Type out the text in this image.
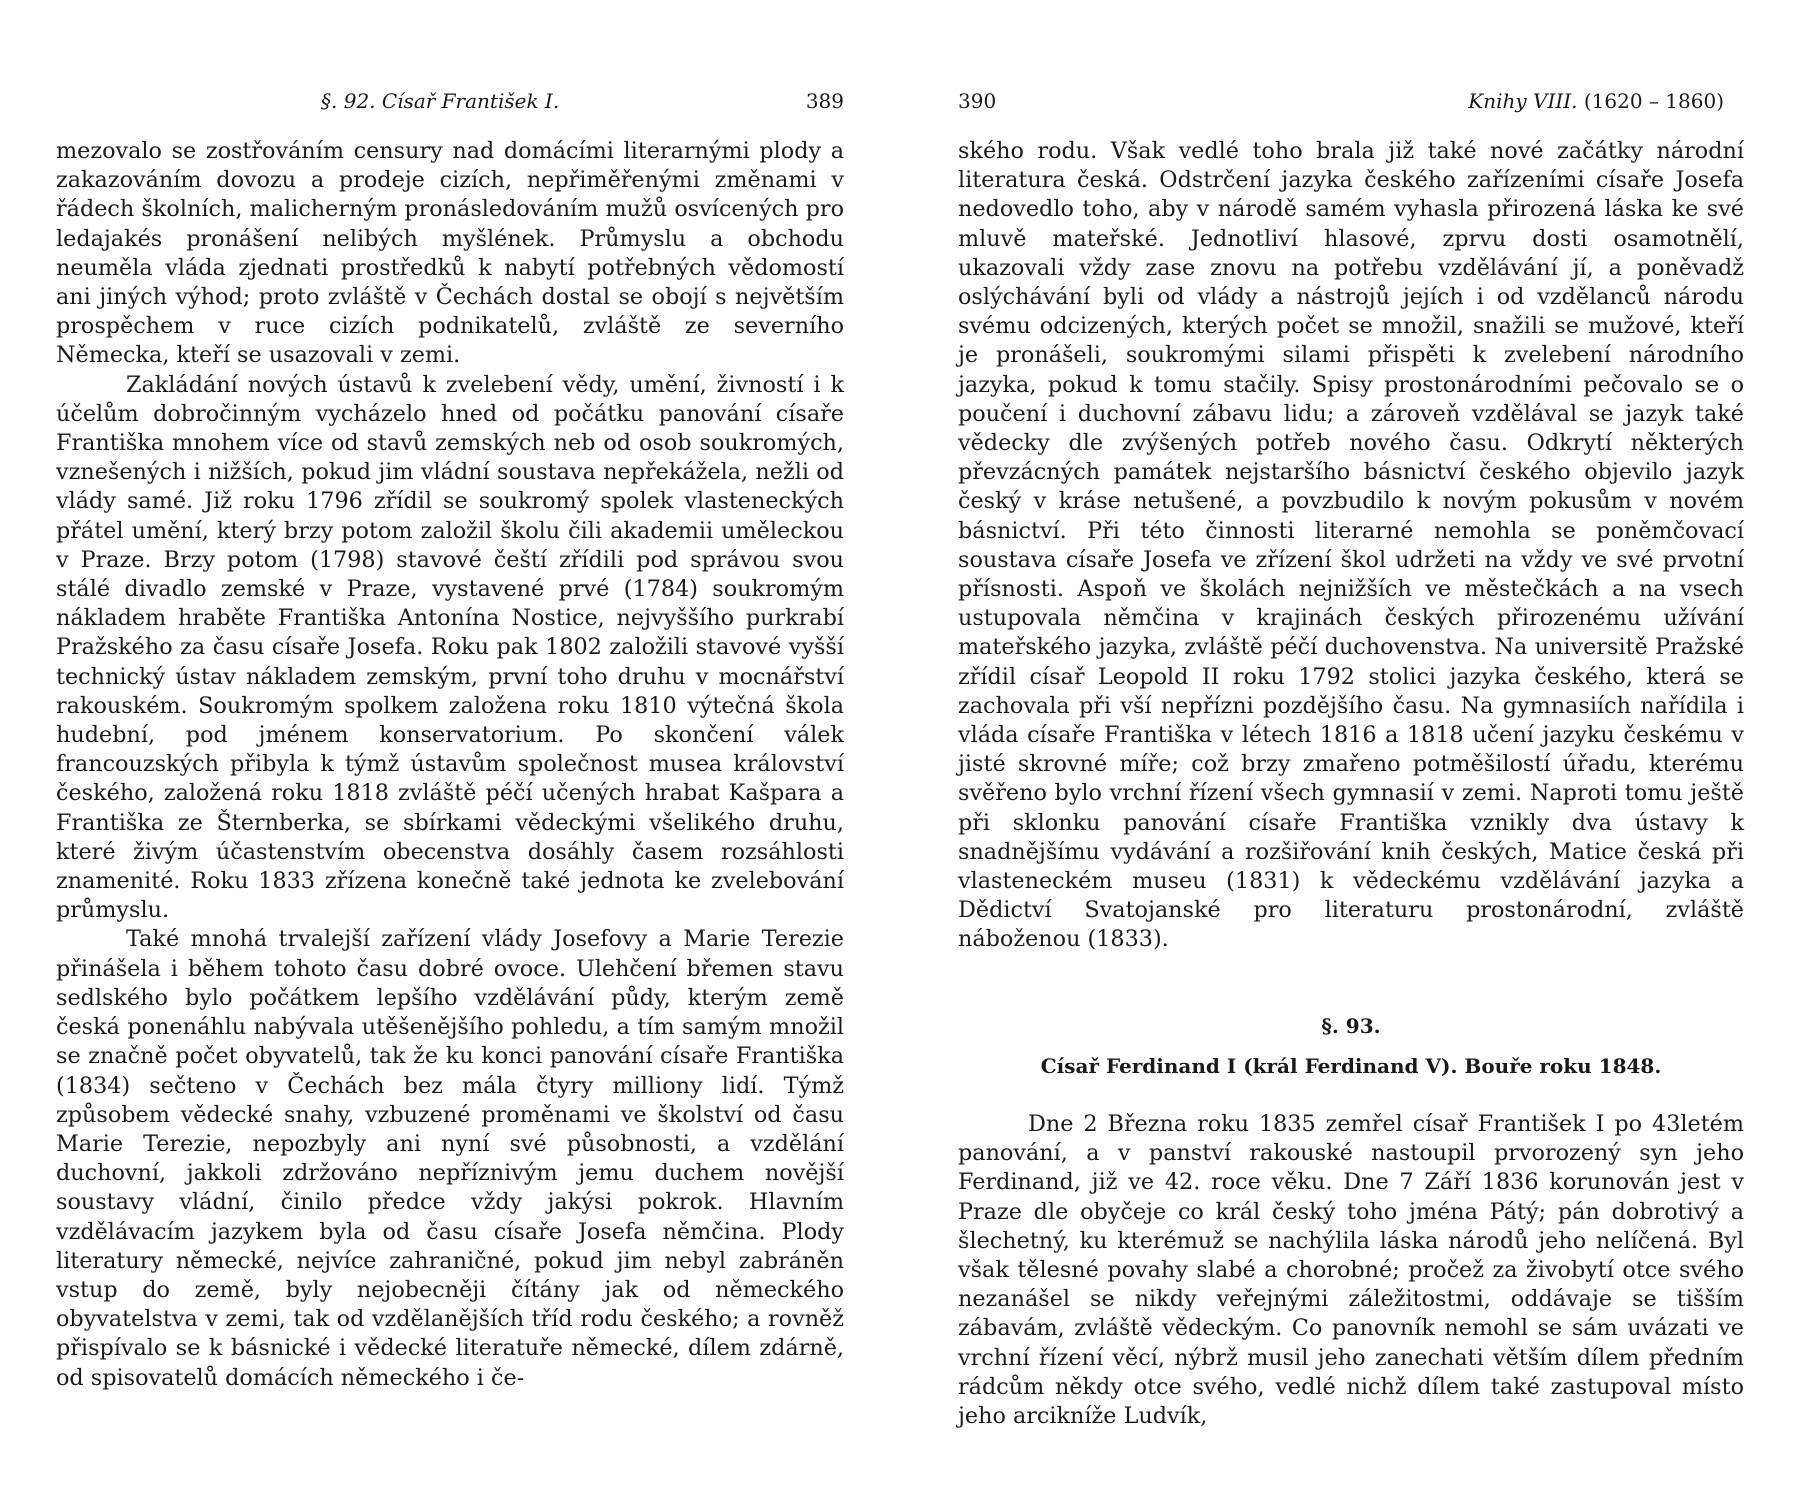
§. 92. Císař František I.	389

mezovalo se zostřováním censury nad domácími literarnými plody a zakazováním dovozu a prodeje cizích, nepřiměřenými změnami v řádech školních, malicherným pronásledováním mužů osvícených pro ledajakés pronášení nelibých myšlének. Průmyslu a obchodu neuměla vláda zjednati prostředků k nabytí potřebných vědomostí ani jiných výhod; proto zvláště v Čechách dostal se obojí s největším prospěchem v ruce cizích podnikatelů, zvláště ze severního Německa, kteří se usazovali v zemi.

Zakládání nových ústavů k zvelebení vědy, umění, živností i k účelům dobročinným vycházelo hned od počátku panování císaře Františka mnohem více od stavů zemských neb od osob soukromých, vznešených i nižších, pokud jim vládní soustava nepřekážela, nežli od vlády samé. Již roku 1796 zřídil se soukromý spolek vlasteneckých přátel umění, který brzy potom založil školu čili akademii uměleckou v Praze. Brzy potom (1798) stavové čeští zřídili pod správou svou stálé divadlo zemské v Praze, vystavené prvé (1784) soukromým nákladem hraběte Františka Antonína Nostice, nejvyššího purkrabí Pražského za času císaře Josefa. Roku pak 1802 založili stavové vyšší technický ústav nákladem zemským, první toho druhu v mocnářství rakouském. Soukromým spolkem založena roku 1810 výtečná škola hudební, pod jménem konservatorium. Po skončení válek francouzských přibyla k týmž ústavům společnost musea království českého, založená roku 1818 zvláště péčí učených hrabat Kašpara a Františka ze Šternberka, se sbírkami vědeckými všelikého druhu, které živým účastenstvím obecenstva dosáhly časem rozsáhlosti znamenité. Roku 1833 zřízena konečně také jednota ke zvelebování průmyslu.

Také mnohá trvalejší zařízení vlády Josefovy a Marie Terezie přinášela i během tohoto času dobré ovoce. Ulehčení břemen stavu sedlského bylo počátkem lepšího vzdělávání půdy, kterým země česká ponenáhlu nabývala utěšenějšího pohledu, a tím samým množil se značně počet obyvatelů, tak že ku konci panování císaře Františka (1834) sečteno v Čechách bez mála čtyry milliony lidí. Týmž způsobem vědecké snahy, vzbuzené proměnami ve školství od času Marie Terezie, nepozbyly ani nyní své působnosti, a vzdělání duchovní, jakkoli zdržováno nepříznivým jemu duchem novější soustavy vládní, činilo předce vždy jakýsi pokrok. Hlavním vzdělávacím jazykem byla od času císaře Josefa němčina. Plody literatury německé, nejvíce zahraničné, pokud jim nebyl zabráněn vstup do země, byly nejobecněji čítány jak od německého obyvatelstva v zemi, tak od vzdělanějších tříd rodu českého; a rovněž přispívalo se k básnické i vědecké literatuře německé, dílem zdárně, od spisovatelů domácích německého i če-

390	Knihy VIII. (1620 – 1860)

ského rodu. Však vedlé toho brala již také nové začátky národní literatura česká. Odstrčení jazyka českého zařízeními císaře Josefa nedovedlo toho, aby v národě samém vyhasla přirozená láska ke své mluvě mateřské. Jednotliví hlasové, zprvu dosti osamotnělí, ukazovali vždy zase znovu na potřebu vzdělávání jí, a poněvadž oslýchávání byli od vlády a nástrojů jejích i od vzdělanců národu svému odcizených, kterých počet se množil, snažili se mužové, kteří je pronášeli, soukromými silami přispěti k zvelebení národního jazyka, pokud k tomu stačily. Spisy prostonárodními pečovalo se o poučení i duchovní zábavu lidu; a zároveň vzdělával se jazyk také vědecky dle zvýšených potřeb nového času. Odkrytí některých převzácných památek nejstaršího básnictví českého objevilo jazyk český v kráse netušené, a povzbudilo k novým pokusům v novém básnictví. Při této činnosti literarné nemohla se poněmčovací soustava císaře Josefa ve zřízení škol udržeti na vždy ve své prvotní přísnosti. Aspoň ve školách nejnižších ve městečkách a na vsech ustupovala němčina v krajinách českých přirozenému užívání mateřského jazyka, zvláště péčí duchovenstva. Na universitě Pražské zřídil císař Leopold II roku 1792 stolici jazyka českého, která se zachovala při vší nepřízni pozdějšího času. Na gymnasiích nařídila i vláda císaře Františka v létech 1816 a 1818 učení jazyku českému v jisté skrovné míře; což brzy zmařeno potměšilostí úřadu, kterému svěřeno bylo vrchní řízení všech gymnasií v zemi. Naproti tomu ještě při sklonku panování císaře Františka vznikly dva ústavy k snadnějšímu vydávání a rozšiřování knih českých, Matice česká při vlasteneckém museu (1831) k vědeckému vzdělávání jazyka a Dědictví Svatojanské pro literaturu prostonárodní, zvláště náboženou (1833).

§. 93.
Císař Ferdinand I (král Ferdinand V). Bouře roku 1848.

Dne 2 Března roku 1835 zemřel císař František I po 43letém panování, a v panství rakouské nastoupil prvorozený syn jeho Ferdinand, již ve 42. roce věku. Dne 7 Září 1836 korunován jest v Praze dle obyčeje co král český toho jména Pátý; pán dobrotivý a šlechetný, ku kterémuž se nachýlila láska národů jeho nelíčená. Byl však tělesné povahy slabé a chorobné; pročež za živobytí otce svého nezanášel se nikdy veřejnými záležitostmi, oddávaje se tišším zábavám, zvláště vědeckým. Co panovník nemohl se sám uvázati ve vrchní řízení věcí, nýbrž musil jeho zanechati větším dílem předním rádcům někdy otce svého, vedlé nichž dílem také zastupoval místo jeho arcikníže Ludvík,
